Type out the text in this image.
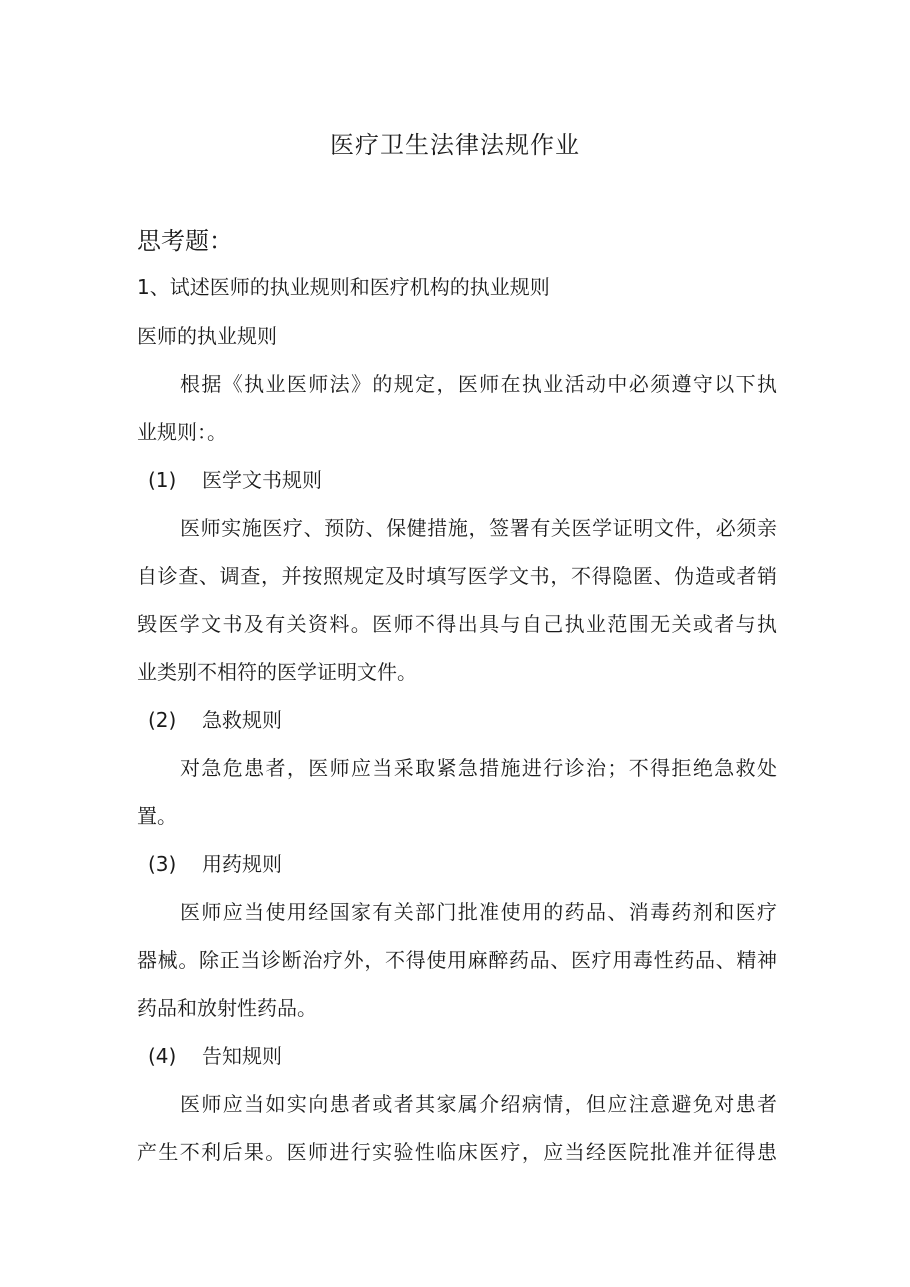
医疗卫生法律法规作业
思考题：
1、试述医师的执业规则和医疗机构的执业规则
医师的执业规则
根据《执业医师法》的规定，医师在执业活动中必须遵守以下执
业规则：。
(1) 医学文书规则
医师实施医疗、预防、保健措施，签署有关医学证明文件，必须亲
自诊查、调查，并按照规定及时填写医学文书，不得隐匿、伪造或者销
毁医学文书及有关资料。医师不得出具与自己执业范围无关或者与执
业类别不相符的医学证明文件。
(2) 急救规则
对急危患者，医师应当采取紧急措施进行诊治；不得拒绝急救处
置。
(3) 用药规则
医师应当使用经国家有关部门批准使用的药品、消毒药剂和医疗
器械。除正当诊断治疗外，不得使用麻醉药品、医疗用毒性药品、精神
药品和放射性药品。
(4) 告知规则
医师应当如实向患者或者其家属介绍病情，但应注意避免对患者
产生不利后果。医师进行实验性临床医疗，应当经医院批准并征得患
